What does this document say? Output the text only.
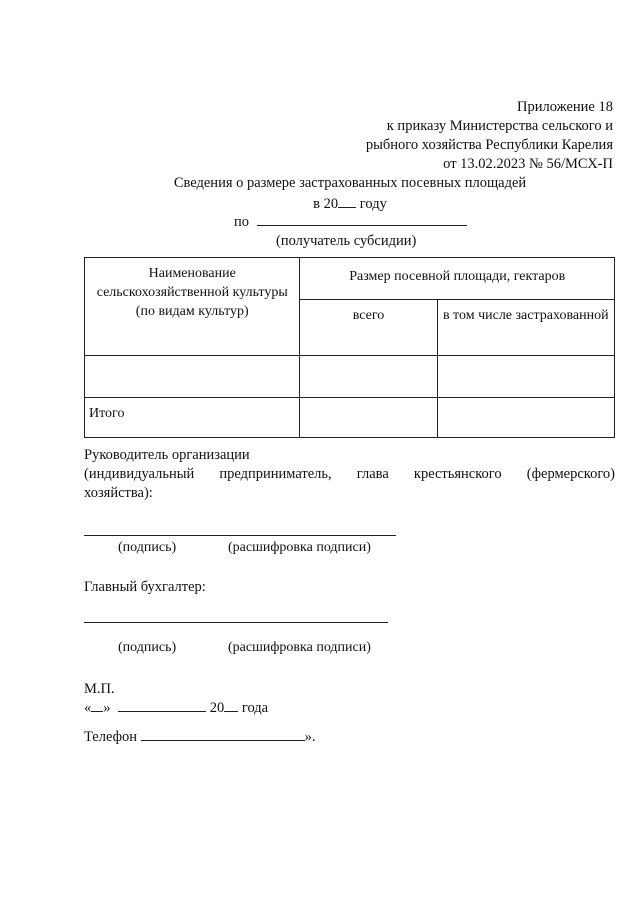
Приложение 18
к приказу Министерства сельского и
рыбного хозяйства Республики Карелия
от 13.02.2023 № 56/МСХ-П
Сведения о размере застрахованных посевных площадей
в 20 году
по
(получатель субсидии)
Наименование сельскохозяйственной культуры (по видам культур)	Размер посевной площади, гектаров	
	всего	в том числе застрахованной

Итого		
Руководитель организации
(индивидуальный предприниматель, глава крестьянского (фермерского)
хозяйства):
(подпись)	(расшифровка подписи)
Главный бухгалтер:
(подпись)	(расшифровка подписи)
М.П.
« »	20 года
Телефон	».
